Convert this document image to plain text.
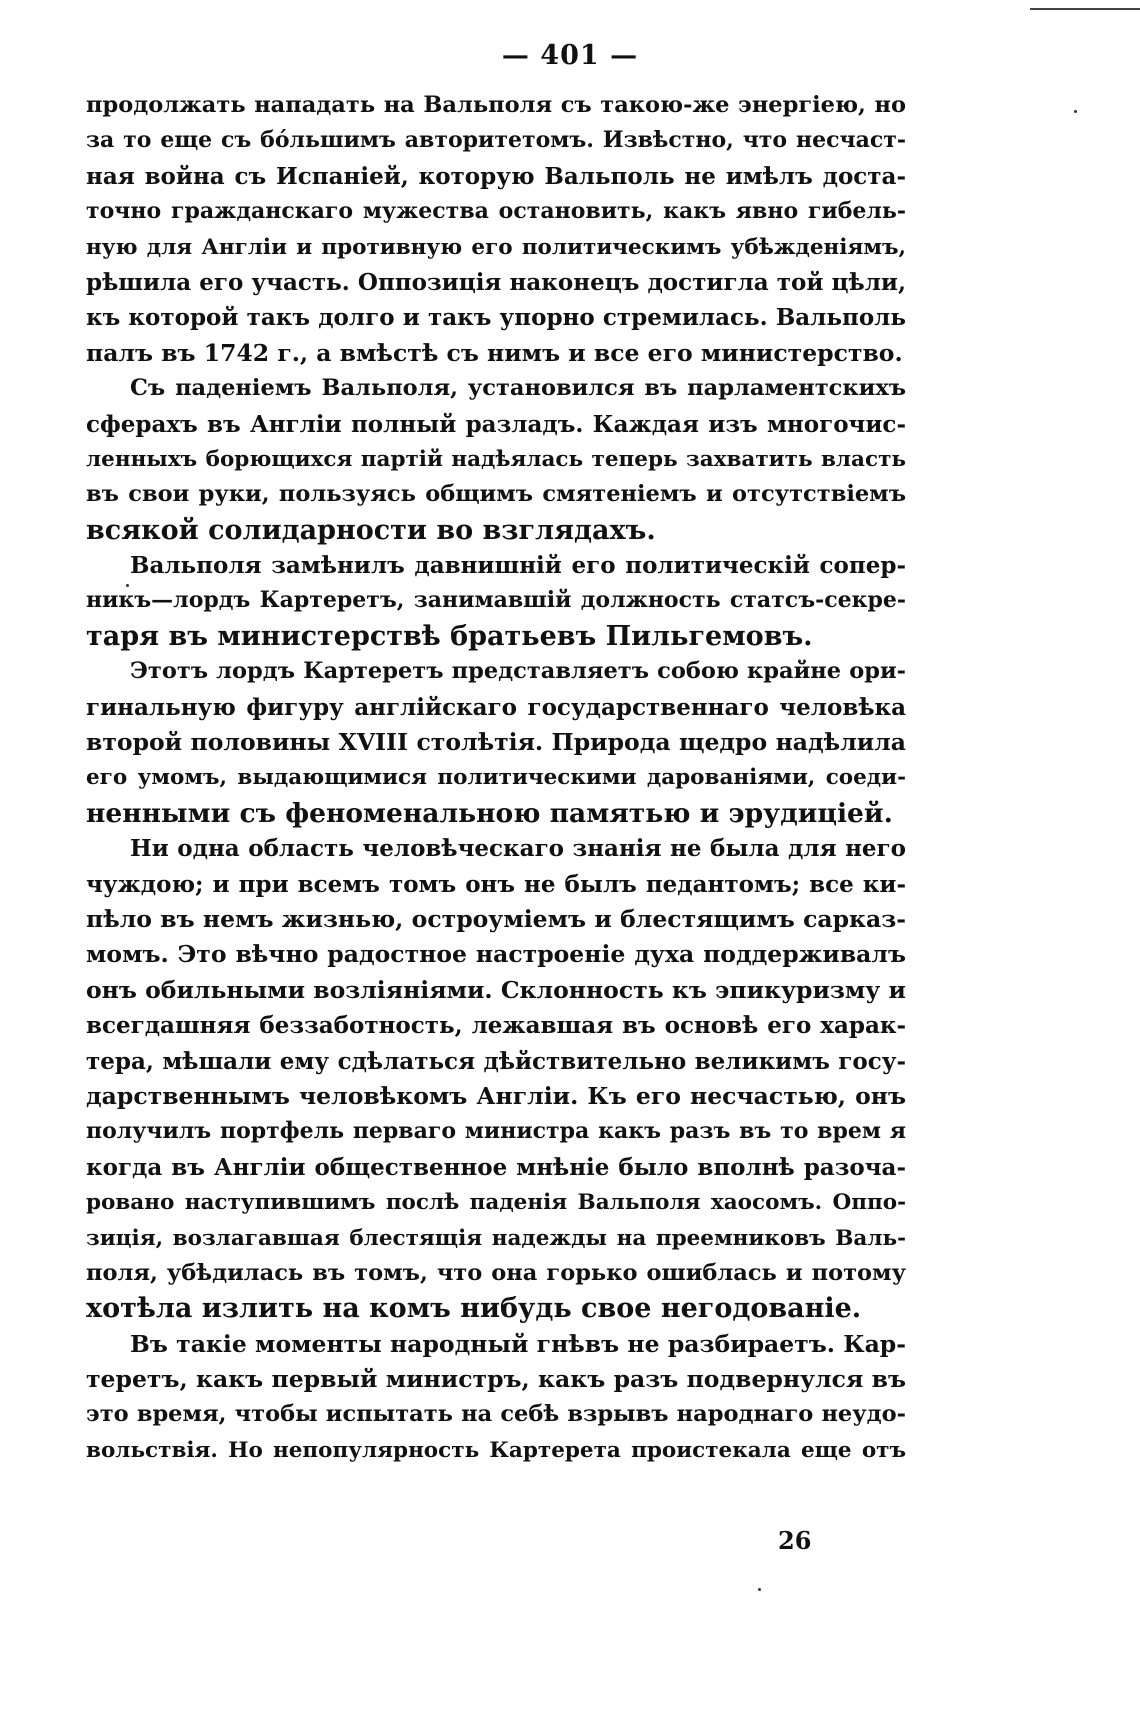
— 401 —
продолжать нападать на Вальполя съ такою-же энергіею, но
за то еще съ бóльшимъ авторитетомъ. Извѣстно, что несчаст-
ная война съ Испаніей, которую Вальполь не имѣлъ доста-
точно гражданскаго мужества остановить, какъ явно гибель-
ную для Англіи и противную его политическимъ убѣжденіямъ,
рѣшила его участь. Оппозиція наконецъ достигла той цѣли,
къ которой такъ долго и такъ упорно стремилась. Вальполь
палъ въ 1742 г., а вмѣстѣ съ нимъ и все его министерство.
Съ паденіемъ Вальполя, установился въ парламентскихъ
сферахъ въ Англіи полный разладъ. Каждая изъ многочис-
ленныхъ борющихся партій надѣялась теперь захватить власть
въ свои руки, пользуясь общимъ смятеніемъ и отсутствіемъ
всякой солидарности во взглядахъ.
Вальполя замѣнилъ давнишній его политическій сопер-
никъ—лордъ Картеретъ, занимавшій должность статсъ-секре-
таря въ министерствѣ братьевъ Пильгемовъ.
Этотъ лордъ Картеретъ представляетъ собою крайне ори-
гинальную фигуру англійскаго государственнаго человѣка
второй половины XVIII столѣтія. Природа щедро надѣлила
его умомъ, выдающимися политическими дарованіями, соеди-
ненными съ феноменальною памятью и эрудиціей.
Ни одна область человѣческаго знанія не была для него
чуждою; и при всемъ томъ онъ не былъ педантомъ; все ки-
пѣло въ немъ жизнью, остроуміемъ и блестящимъ сарказ-
момъ. Это вѣчно радостное настроеніе духа поддерживалъ
онъ обильными возліяніями. Склонность къ эпикуризму и
всегдашняя беззаботность, лежавшая въ основѣ его харак-
тера, мѣшали ему сдѣлаться дѣйствительно великимъ госу-
дарственнымъ человѣкомъ Англіи. Къ его несчастью, онъ
получилъ портфель перваго министра какъ разъ въ то врем я
когда въ Англіи общественное мнѣніе было вполнѣ разоча-
ровано наступившимъ послѣ паденія Вальполя хаосомъ. Оппо-
зиція, возлагавшая блестящія надежды на преемниковъ Валь-
поля, убѣдилась въ томъ, что она горько ошиблась и потому
хотѣла излить на комъ нибудь свое негодованіе.
Въ такіе моменты народный гнѣвъ не разбираетъ. Кар-
теретъ, какъ первый министръ, какъ разъ подвернулся въ
это время, чтобы испытать на себѣ взрывъ народнаго неудо-
вольствія. Но непопулярность Картерета проистекала еще отъ
26
